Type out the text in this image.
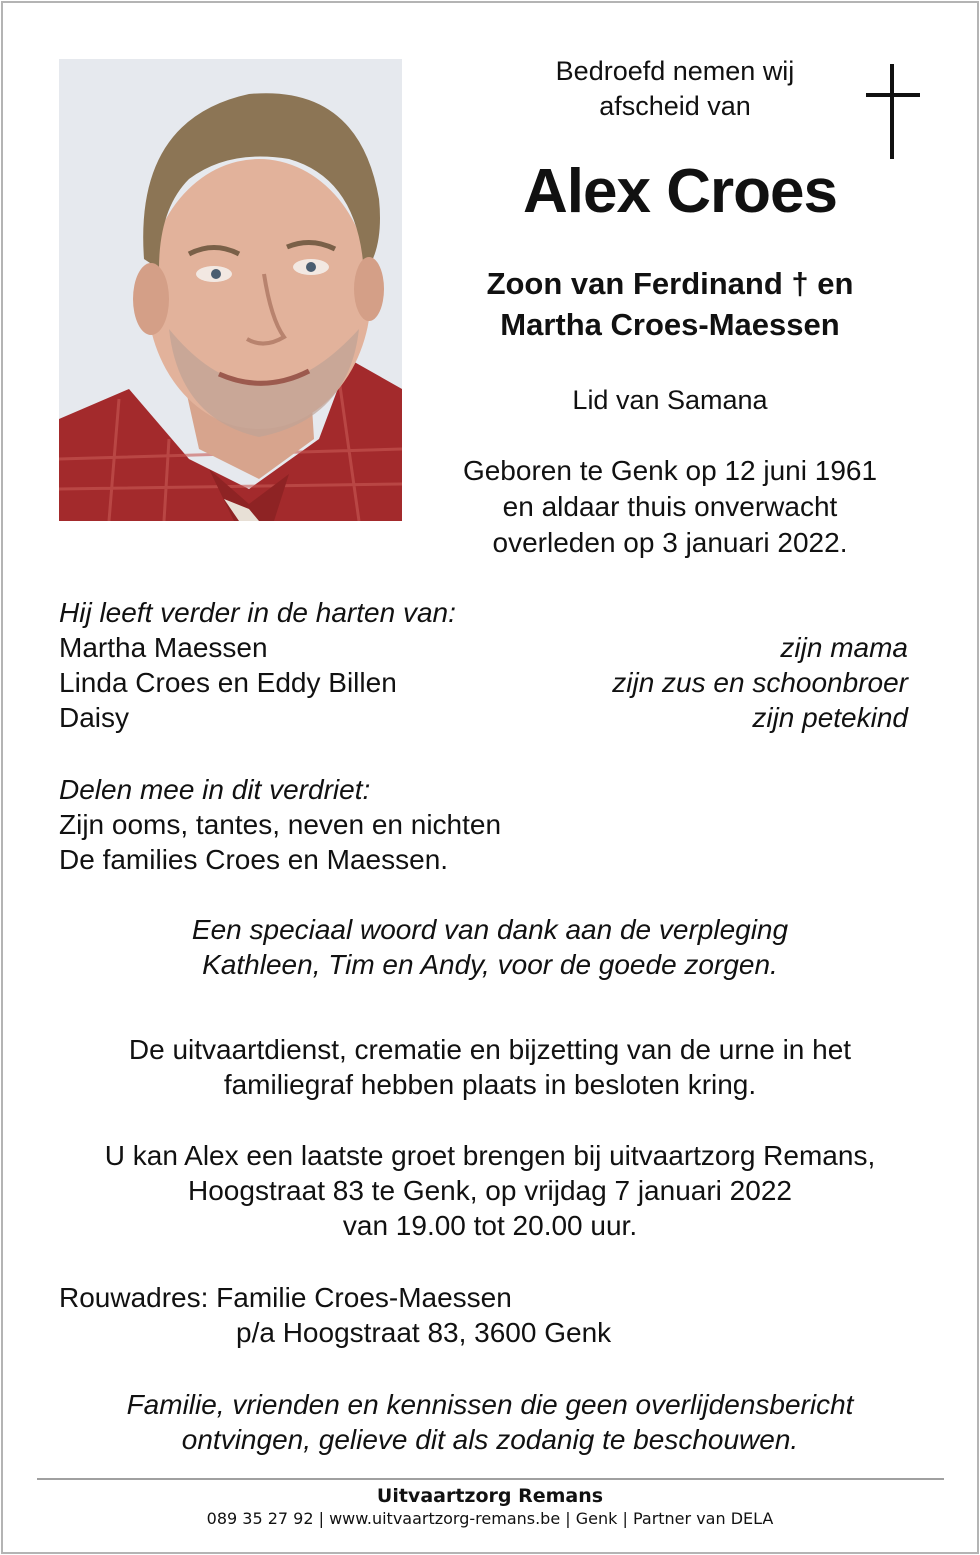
Bedroefd nemen wij
afscheid van
Alex Croes
Zoon van Ferdinand † en
Martha Croes-Maessen
Lid van Samana
Geboren te Genk op 12 juni 1961
en aldaar thuis onverwacht
overleden op 3 januari 2022.
Hij leeft verder in de harten van:
Martha Maessen	zijn mama
Linda Croes en Eddy Billen	zijn zus en schoonbroer
Daisy	zijn petekind
Delen mee in dit verdriet:
Zijn ooms, tantes, neven en nichten
De families Croes en Maessen.
Een speciaal woord van dank aan de verpleging
Kathleen, Tim en Andy, voor de goede zorgen.
De uitvaartdienst, crematie en bijzetting van de urne in het
familiegraf hebben plaats in besloten kring.
U kan Alex een laatste groet brengen bij uitvaartzorg Remans,
Hoogstraat 83 te Genk, op vrijdag 7 januari 2022
van 19.00 tot 20.00 uur.
Rouwadres: Familie Croes-Maessen
p/a Hoogstraat 83, 3600 Genk
Familie, vrienden en kennissen die geen overlijdensbericht
ontvingen, gelieve dit als zodanig te beschouwen.
Uitvaartzorg Remans
089 35 27 92 | www.uitvaartzorg-remans.be | Genk | Partner van DELA
